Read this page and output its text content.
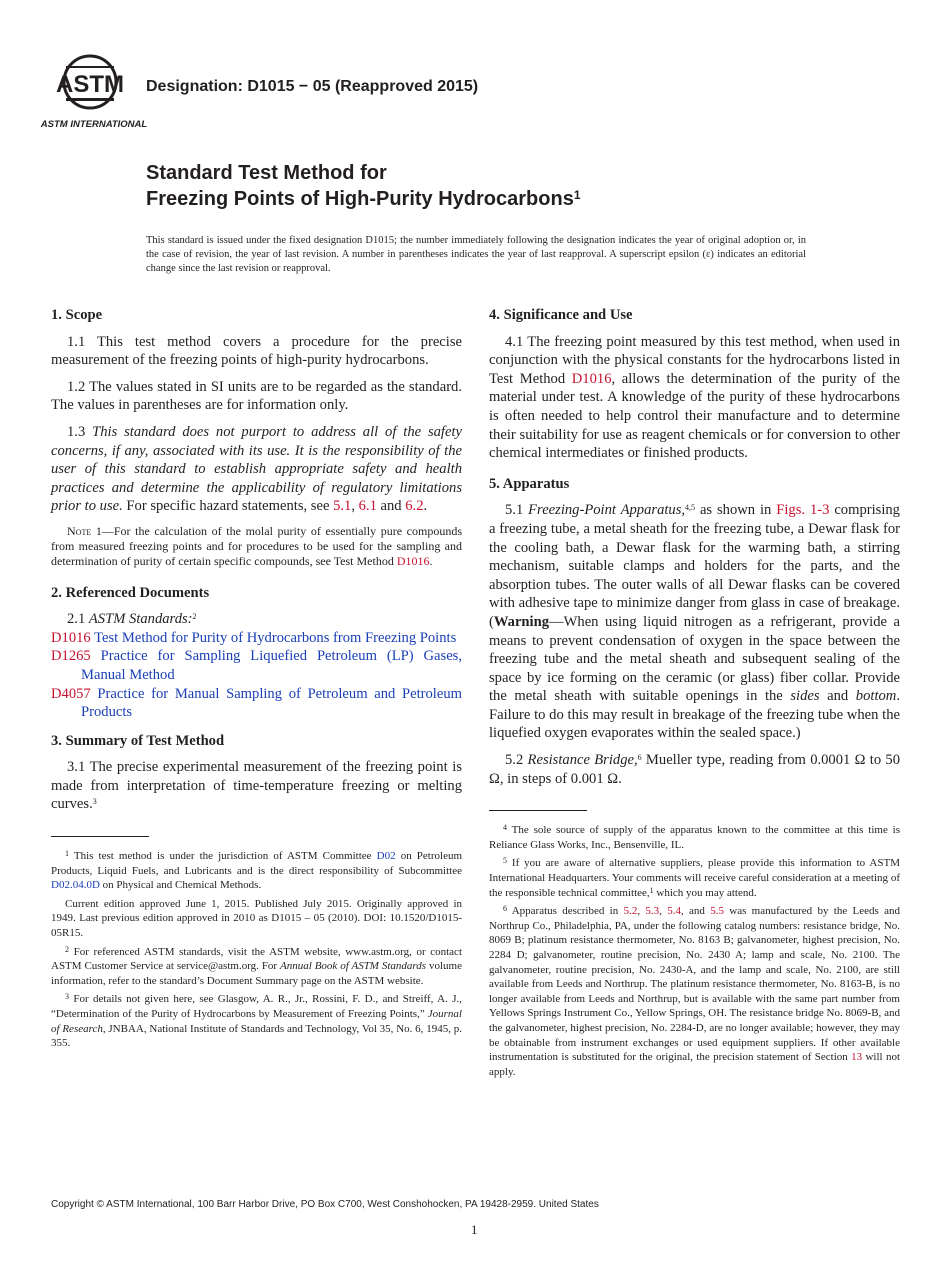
ASTM
ASTM INTERNATIONAL
Designation: D1015 − 05 (Reapproved 2015)
Standard Test Method for
Freezing Points of High-Purity Hydrocarbons$^1$
This standard is issued under the fixed designation D1015; the number immediately following the designation indicates the year of original adoption or, in the case of revision, the year of last revision. A number in parentheses indicates the year of last reapproval. A superscript epsilon (ε) indicates an editorial change since the last revision or reapproval.
1. Scope

1.1 This test method covers a procedure for the precise measurement of the freezing points of high-purity hydrocarbons.

1.2 The values stated in SI units are to be regarded as the standard. The values in parentheses are for information only.

1.3 This standard does not purport to address all of the safety concerns, if any, associated with its use. It is the responsibility of the user of this standard to establish appropriate safety and health practices and determine the applicability of regulatory limitations prior to use. For specific hazard statements, see 5.1, 6.1 and 6.2.

Note 1—For the calculation of the molal purity of essentially pure compounds from measured freezing points and for procedures to be used for the sampling and determination of purity of certain specific compounds, see Test Method D1016.

2. Referenced Documents

2.1 ASTM Standards:$^2$

D1016 Test Method for Purity of Hydrocarbons from Freezing Points

D1265 Practice for Sampling Liquefied Petroleum (LP) Gases, Manual Method

D4057 Practice for Manual Sampling of Petroleum and Petroleum Products

3. Summary of Test Method

3.1 The precise experimental measurement of the freezing point is made from interpretation of time-temperature freezing or melting curves.$^3$

$^1$ This test method is under the jurisdiction of ASTM Committee D02 on Petroleum Products, Liquid Fuels, and Lubricants and is the direct responsibility of Subcommittee D02.04.0D on Physical and Chemical Methods.

Current edition approved June 1, 2015. Published July 2015. Originally approved in 1949. Last previous edition approved in 2010 as D1015 – 05 (2010). DOI: 10.1520/D1015-05R15.

$^2$ For referenced ASTM standards, visit the ASTM website, www.astm.org, or contact ASTM Customer Service at service@astm.org. For Annual Book of ASTM Standards volume information, refer to the standard’s Document Summary page on the ASTM website.

$^3$ For details not given here, see Glasgow, A. R., Jr., Rossini, F. D., and Streiff, A. J., “Determination of the Purity of Hydrocarbons by Measurement of Freezing Points,” Journal of Research, JNBAA, National Institute of Standards and Technology, Vol 35, No. 6, 1945, p. 355.

4. Significance and Use

4.1 The freezing point measured by this test method, when used in conjunction with the physical constants for the hydrocarbons listed in Test Method D1016, allows the determination of the purity of the material under test. A knowledge of the purity of these hydrocarbons is often needed to help control their manufacture and to determine their suitability for use as reagent chemicals or for conversion to other chemical intermediates or finished products.

5. Apparatus

5.1 Freezing-Point Apparatus,$^{4,5}$ as shown in Figs. 1-3 comprising a freezing tube, a metal sheath for the freezing tube, a Dewar flask for the cooling bath, a Dewar flask for the warming bath, a stirring mechanism, suitable clamps and holders for the parts, and the absorption tubes. The outer walls of all Dewar flasks can be covered with adhesive tape to minimize danger from glass in case of breakage. (Warning—When using liquid nitrogen as a refrigerant, provide a means to prevent condensation of oxygen in the space between the freezing tube and the metal sheath and subsequent sealing of the space by ice forming on the ceramic (or glass) fiber collar. Provide the metal sheath with suitable openings in the sides and bottom. Failure to do this may result in breakage of the freezing tube when the liquefied oxygen evaporates within the sealed space.)

5.2 Resistance Bridge,$^6$ Mueller type, reading from 0.0001 Ω to 50 Ω, in steps of 0.001 Ω.

$^4$ The sole source of supply of the apparatus known to the committee at this time is Reliance Glass Works, Inc., Bensenville, IL.

$^5$ If you are aware of alternative suppliers, please provide this information to ASTM International Headquarters. Your comments will receive careful consideration at a meeting of the responsible technical committee,$^1$ which you may attend.

$^6$ Apparatus described in 5.2, 5.3, 5.4, and 5.5 was manufactured by the Leeds and Northrup Co., Philadelphia, PA, under the following catalog numbers: resistance bridge, No. 8069 B; platinum resistance thermometer, No. 8163 B; galvanometer, highest precision, No. 2284 D; galvanometer, routine precision, No. 2430 A; lamp and scale, No. 2100. The galvanometer, routine precision, No. 2430-A, and the lamp and scale, No. 2100, are still available from Leeds and Northrup. The platinum resistance thermometer, No. 8163-B, is no longer available from Leeds and Northrup, but is available with the same part number from Yellows Springs Instrument Co., Yellow Springs, OH. The resistance bridge No. 8069-B, and the galvanometer, highest precision, No. 2284-D, are no longer available; however, they may be obtainable from instrument exchanges or used equipment suppliers. If other available instrumentation is substituted for the original, the precision statement of Section 13 will not apply.

Copyright © ASTM International, 100 Barr Harbor Drive, PO Box C700, West Conshohocken, PA 19428-2959. United States
1
